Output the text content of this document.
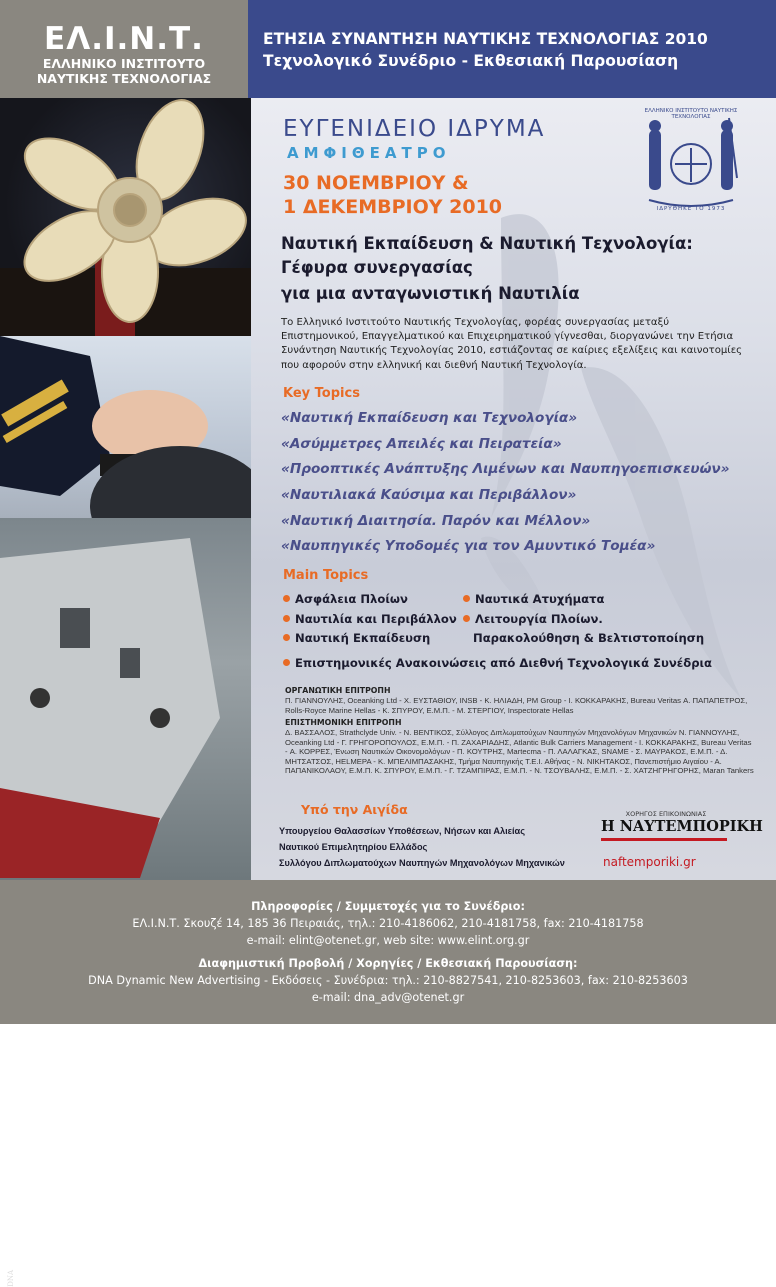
ΕΛ.Ι.Ν.Τ.
ΕΛΛΗΝΙΚΟ ΙΝΣΤΙΤΟΥΤΟ
ΝΑΥΤΙΚΗΣ ΤΕΧΝΟΛΟΓΙΑΣ
ΕΤΗΣΙΑ ΣΥΝΑΝΤΗΣΗ ΝΑΥΤΙΚΗΣ ΤΕΧΝΟΛΟΓΙΑΣ 2010
Τεχνολογικό Συνέδριο - Εκθεσιακή Παρουσίαση
DNA
ΕΥΓΕΝΙΔΕΙΟ ΙΔΡΥΜΑ
ΑΜΦΙΘΕΑΤΡΟ
30 ΝΟΕΜΒΡΙΟΥ &
1 ΔΕΚΕΜΒΡΙΟΥ 2010
ΕΛΛΗΝΙΚΟ ΙΝΣΤΙΤΟΥΤΟ ΝΑΥΤΙΚΗΣ ΤΕΧΝΟΛΟΓΙΑΣ
ΙΔΡΥΘΗΚΕ ΤΟ 1973
Ναυτική Εκπαίδευση & Ναυτική Τεχνολογία:
Γέφυρα συνεργασίας
για μια ανταγωνιστική Ναυτιλία

Το Ελληνικό Ινστιτούτο Ναυτικής Τεχνολογίας, φορέας συνεργασίας μεταξύ Επιστημονικού, Επαγγελματικού και Επιχειρηματικού γίγνεσθαι, διοργανώνει την Ετήσια Συνάντηση Ναυτικής Τεχνολογίας 2010, εστιάζοντας σε καίριες εξελίξεις και καινοτομίες που αφορούν στην ελληνική και διεθνή Ναυτική Τεχνολογία.

Key Topics
«Ναυτική Εκπαίδευση και Τεχνολογία»
«Ασύμμετρες Απειλές και Πειρατεία»
«Προοπτικές Ανάπτυξης Λιμένων και Ναυπηγοεπισκευών»
«Ναυτιλιακά Καύσιμα και Περιβάλλον»
«Ναυτική Διαιτησία. Παρόν και Μέλλον»
«Ναυπηγικές Υποδομές για τον Αμυντικό Τομέα»
Main Topics
Ασφάλεια Πλοίων
Ναυτιλία και Περιβάλλον
Ναυτική Εκπαίδευση
Ναυτικά Ατυχήματα
Λειτουργία Πλοίων.
Παρακολούθηση & Βελτιστοποίηση
Επιστημονικές Ανακοινώσεις από Διεθνή Τεχνολογικά Συνέδρια
ΟΡΓΑΝΩΤΙΚΗ ΕΠΙΤΡΟΠΗ
Π. ΓΙΑΝΝΟΥΛΗΣ, Oceanking Ltd - Χ. ΕΥΣΤΑΘΙΟΥ, INSB - Κ. ΗΛΙΑΔΗ, PM Group - Ι. ΚΟΚΚΑΡΑΚΗΣ, Bureau Veritas Α. ΠΑΠΑΠΕΤΡΟΣ, Rolls-Royce Marine Hellas - Κ. ΣΠΥΡΟΥ, Ε.Μ.Π. - Μ. ΣΤΕΡΓΙΟΥ, Inspectorate Hellas
ΕΠΙΣΤΗΜΟΝΙΚΗ ΕΠΙΤΡΟΠΗ
Δ. ΒΑΣΣΑΛΟΣ, Strathclyde Univ. - Ν. ΒΕΝΤΙΚΟΣ, Σύλλογος Διπλωματούχων Ναυπηγών Μηχανολόγων Μηχανικών Ν. ΓΙΑΝΝΟΥΛΗΣ, Oceanking Ltd - Γ. ΓΡΗΓΟΡΟΠΟΥΛΟΣ, Ε.Μ.Π. - Π. ΖΑΧΑΡΙΑΔΗΣ, Atlantic Bulk Carriers Management - Ι. ΚΟΚΚΑΡΑΚΗΣ, Bureau Veritas - Α. ΚΟΡΡΕΣ, Ένωση Ναυτικών Οικονομολόγων - Π. ΚΟΥΤΡΗΣ, Martecma - Π. ΛΑΛΑΓΚΑΣ, SNAME - Σ. ΜΑΥΡΑΚΟΣ, Ε.Μ.Π. - Δ. ΜΗΤΣΑΤΣΟΣ, HELMEPA - Κ. ΜΠΕΛΙΜΠΑΣΑΚΗΣ, Τμήμα Ναυπηγικής Τ.Ε.Ι. Αθήνας - Ν. ΝΙΚΗΤΑΚΟΣ, Πανεπιστήμιο Αιγαίου - Α. ΠΑΠΑΝΙΚΟΛΑΟΥ, Ε.Μ.Π. Κ. ΣΠΥΡΟΥ, Ε.Μ.Π. - Γ. ΤΖΑΜΠΙΡΑΣ, Ε.Μ.Π. - Ν. ΤΣΟΥΒΑΛΗΣ, Ε.Μ.Π. - Σ. ΧΑΤΖΗΓΡΗΓΟΡΗΣ, Maran Tankers
Υπό την Αιγίδα
Υπουργείου Θαλασσίων Υποθέσεων, Νήσων και Αλιείας
Ναυτικού Επιμελητηρίου Ελλάδος
Συλλόγου Διπλωματούχων Ναυπηγών Μηχανολόγων Μηχανικών
ΧΟΡΗΓΟΣ ΕΠΙΚΟΙΝΩΝΙΑΣ
Η ΝΑΥΤΕΜΠΟΡΙΚΗ
naftemporiki.gr

Πληροφορίες / Συμμετοχές για το Συνέδριο:

ΕΛ.Ι.Ν.Τ. Σκουζέ 14, 185 36 Πειραιάς, τηλ.: 210-4186062, 210-4181758, fax: 210-4181758

e-mail: elint@otenet.gr, web site: www.elint.org.gr

Διαφημιστική Προβολή / Χορηγίες / Εκθεσιακή Παρουσίαση:

DNA Dynamic New Advertising - Εκδόσεις - Συνέδρια: τηλ.: 210-8827541, 210-8253603, fax: 210-8253603

e-mail: dna_adv@otenet.gr
